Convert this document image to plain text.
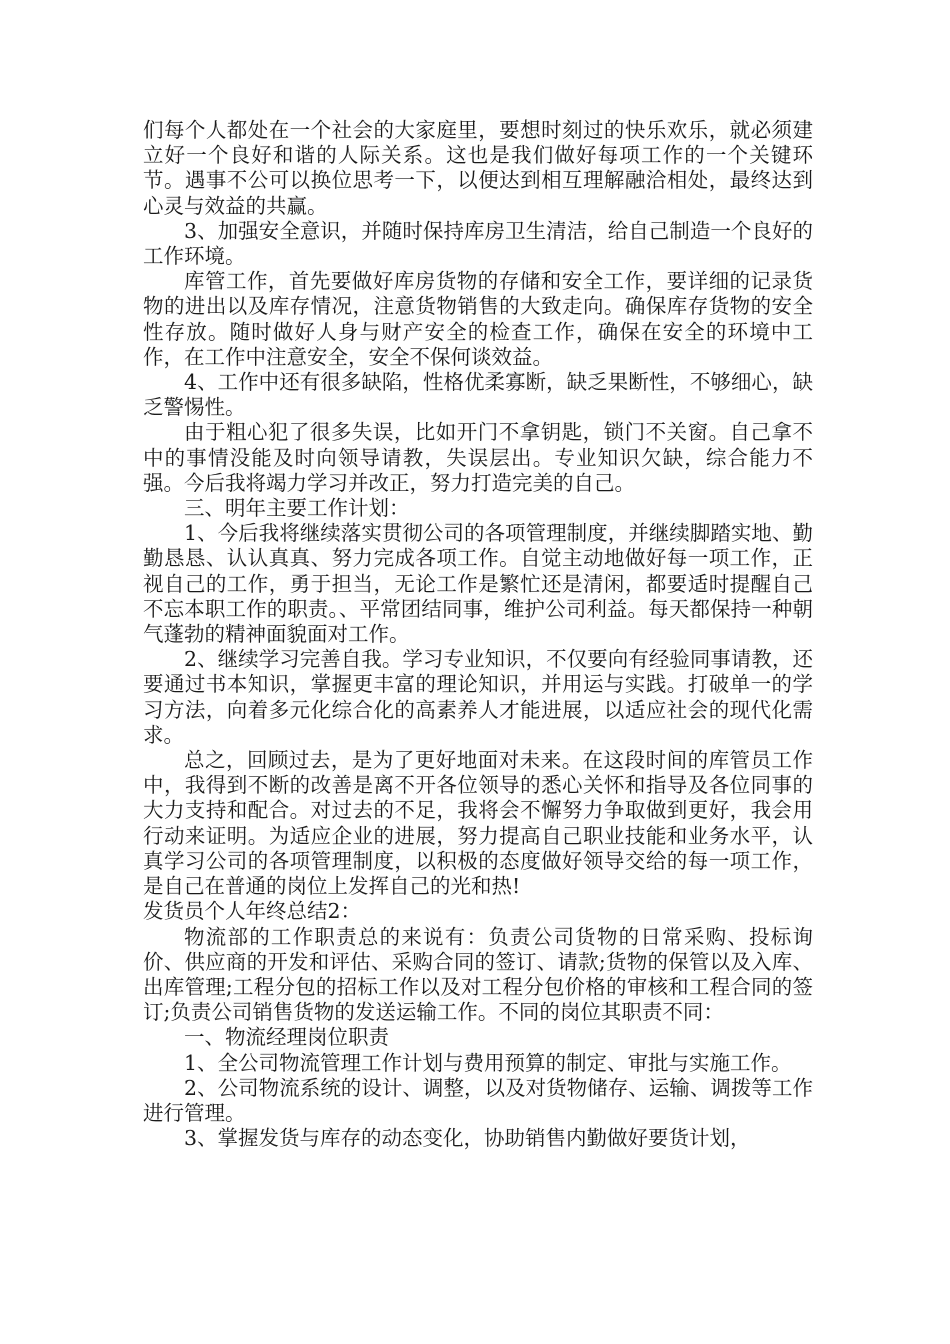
们每个人都处在一个社会的大家庭里，要想时刻过的快乐欢乐，就必须建立好一个良好和谐的人际关系。这也是我们做好每项工作的一个关键环节。遇事不公可以换位思考一下，以便达到相互理解融洽相处，最终达到心灵与效益的共赢。

3、加强安全意识，并随时保持库房卫生清洁，给自己制造一个良好的工作环境。

库管工作，首先要做好库房货物的存储和安全工作，要详细的记录货物的进出以及库存情况，注意货物销售的大致走向。确保库存货物的安全性存放。随时做好人身与财产安全的检查工作，确保在安全的环境中工作，在工作中注意安全，安全不保何谈效益。

4、工作中还有很多缺陷，性格优柔寡断，缺乏果断性，不够细心，缺乏警惕性。

由于粗心犯了很多失误，比如开门不拿钥匙，锁门不关窗。自己拿不中的事情没能及时向领导请教，失误层出。专业知识欠缺，综合能力不强。今后我将竭力学习并改正，努力打造完美的自己。

三、明年主要工作计划：

1、今后我将继续落实贯彻公司的各项管理制度，并继续脚踏实地、勤勤恳恳、认认真真、努力完成各项工作。自觉主动地做好每一项工作，正视自己的工作，勇于担当，无论工作是繁忙还是清闲，都要适时提醒自己不忘本职工作的职责。、平常团结同事，维护公司利益。每天都保持一种朝气蓬勃的精神面貌面对工作。

2、继续学习完善自我。学习专业知识，不仅要向有经验同事请教，还要通过书本知识，掌握更丰富的理论知识，并用运与实践。打破单一的学习方法，向着多元化综合化的高素养人才能进展，以适应社会的现代化需求。

总之，回顾过去，是为了更好地面对未来。在这段时间的库管员工作中，我得到不断的改善是离不开各位领导的悉心关怀和指导及各位同事的大力支持和配合。对过去的不足，我将会不懈努力争取做到更好，我会用行动来证明。为适应企业的进展，努力提高自己职业技能和业务水平，认真学习公司的各项管理制度，以积极的态度做好领导交给的每一项工作，是自己在普通的岗位上发挥自己的光和热!

发货员个人年终总结2：

物流部的工作职责总的来说有：负责公司货物的日常采购、投标询价、供应商的开发和评估、采购合同的签订、请款;货物的保管以及入库、出库管理;工程分包的招标工作以及对工程分包价格的审核和工程合同的签订;负责公司销售货物的发送运输工作。不同的岗位其职责不同：

一、物流经理岗位职责

1、全公司物流管理工作计划与费用预算的制定、审批与实施工作。

2、公司物流系统的设计、调整，以及对货物储存、运输、调拨等工作进行管理。

3、掌握发货与库存的动态变化，协助销售内勤做好要货计划，
